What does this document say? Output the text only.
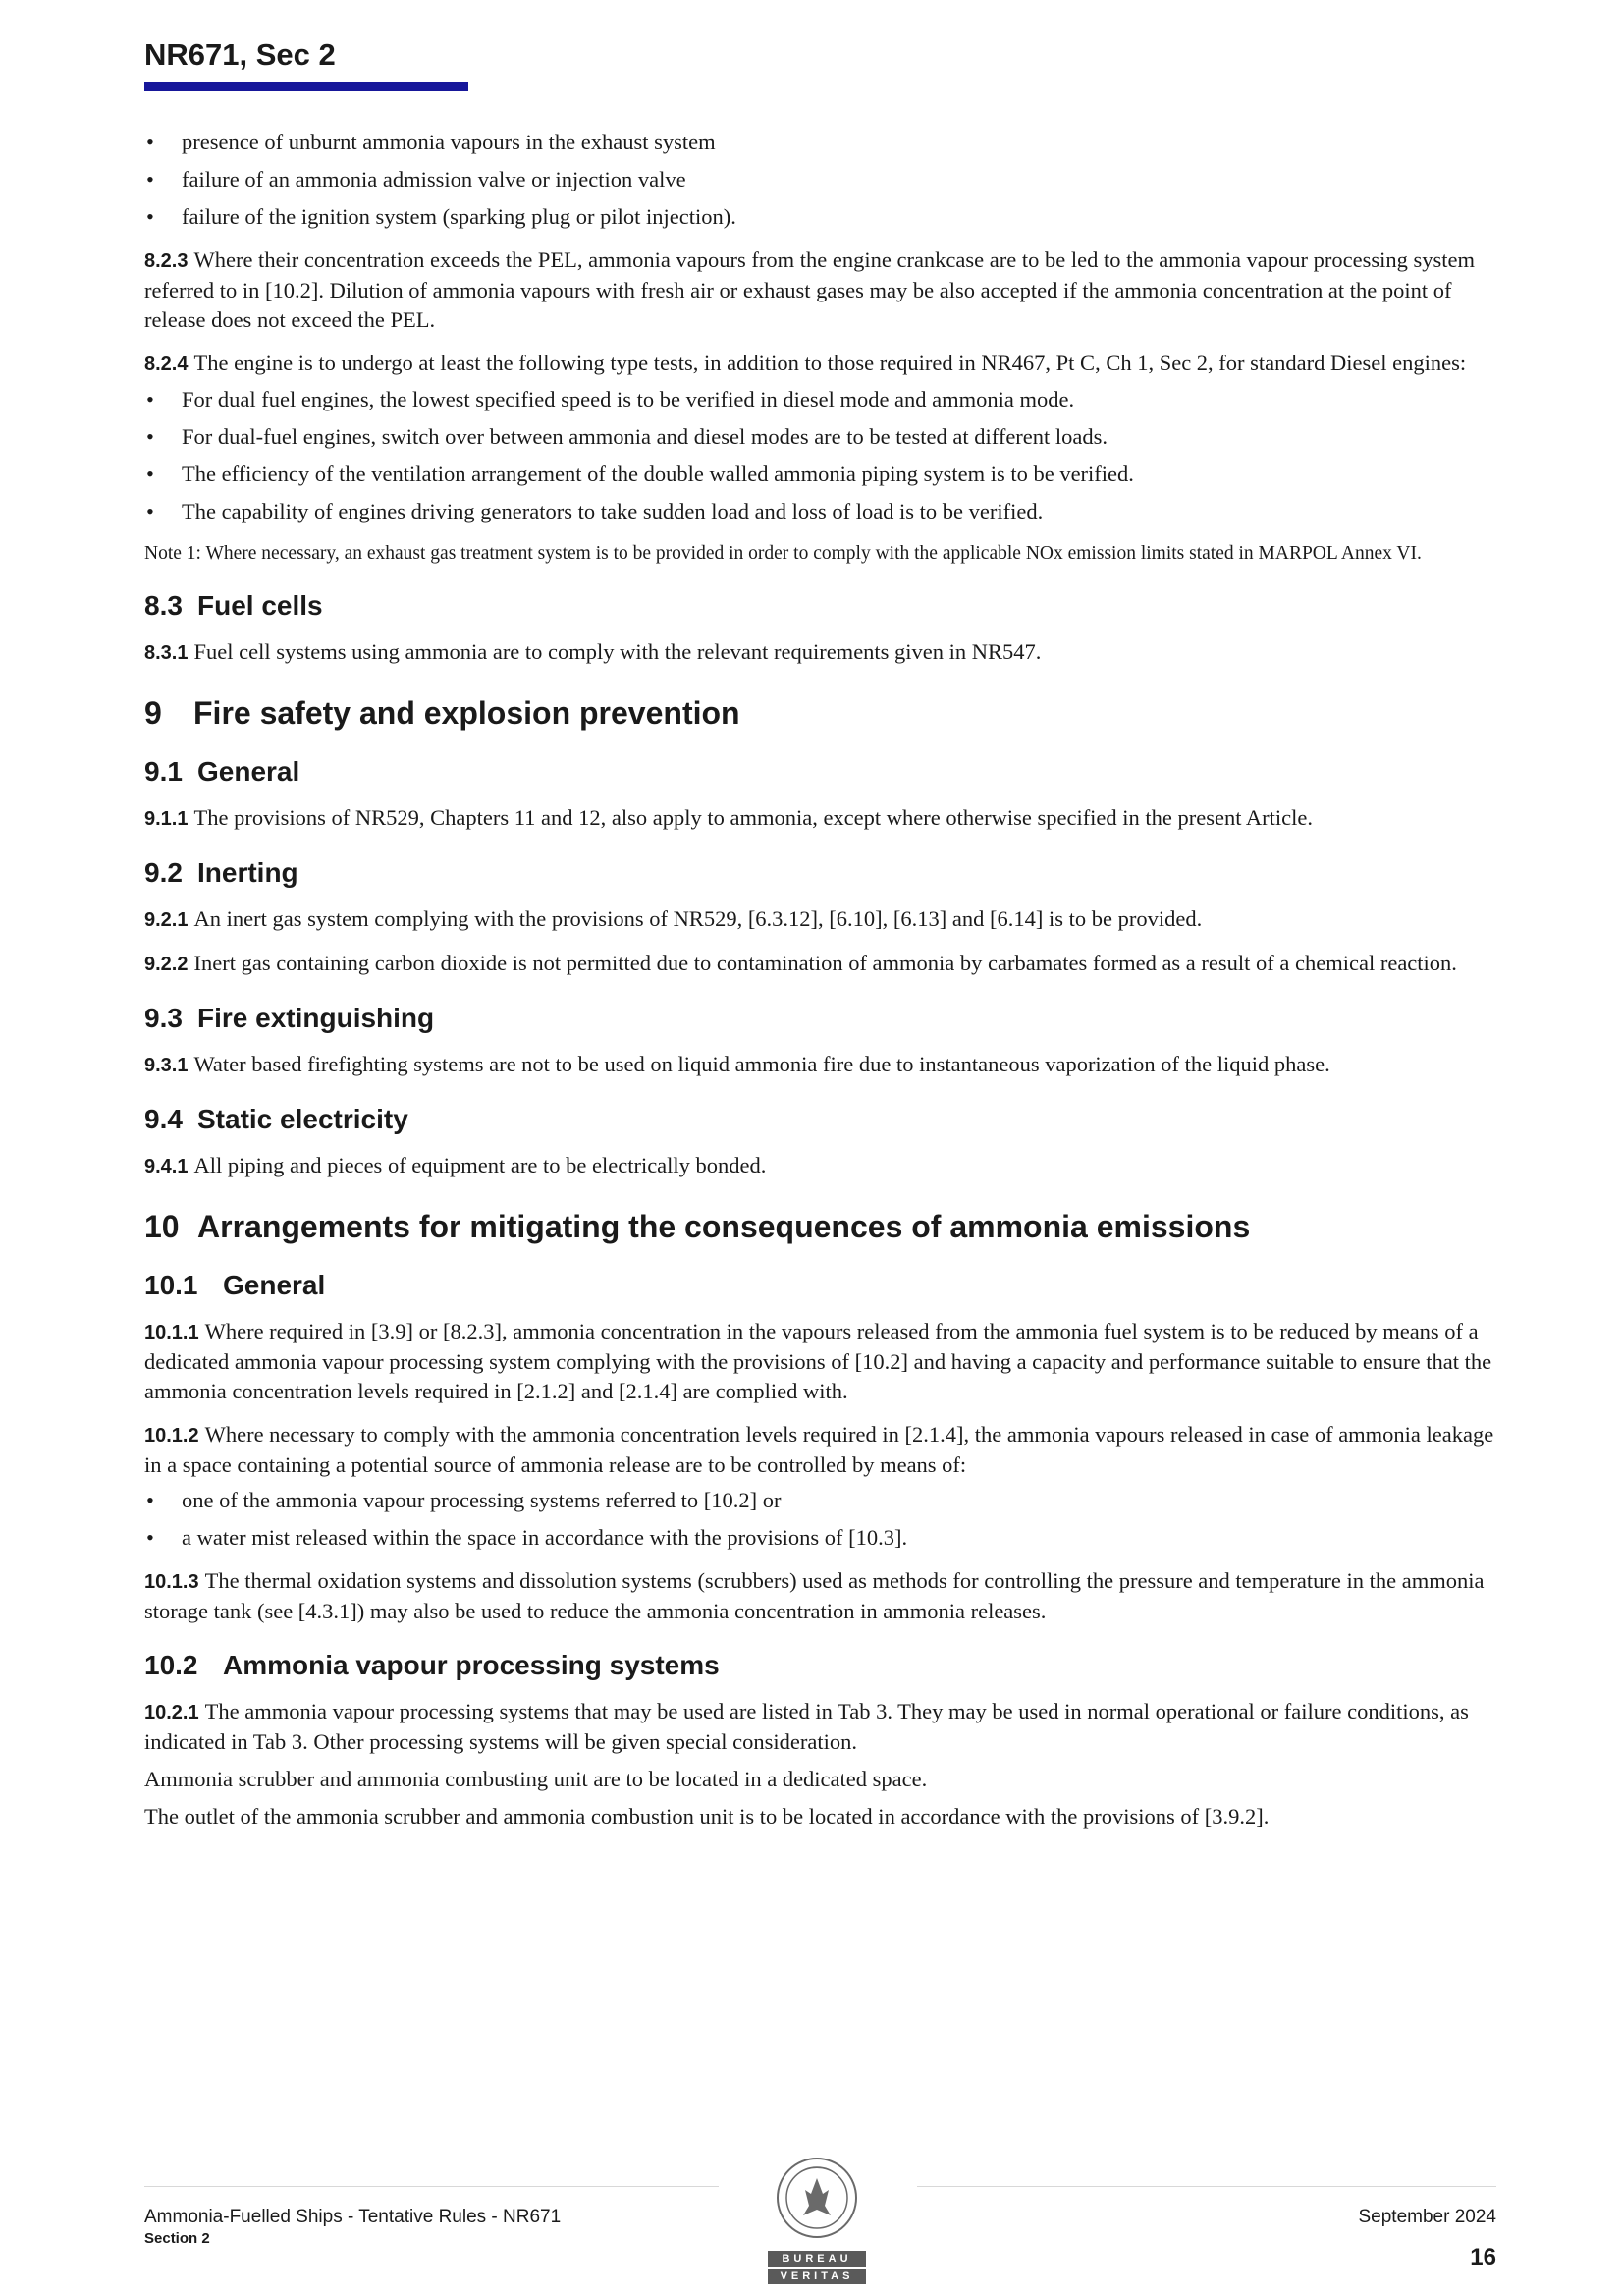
NR671, Sec 2
• presence of unburnt ammonia vapours in the exhaust system
• failure of an ammonia admission valve or injection valve
• failure of the ignition system (sparking plug or pilot injection).

8.2.3 Where their concentration exceeds the PEL, ammonia vapours from the engine crankcase are to be led to the ammonia vapour processing system referred to in [10.2]. Dilution of ammonia vapours with fresh air or exhaust gases may be also accepted if the ammonia concentration at the point of release does not exceed the PEL.

8.2.4 The engine is to undergo at least the following type tests, in addition to those required in NR467, Pt C, Ch 1, Sec 2, for standard Diesel engines:

• For dual fuel engines, the lowest specified speed is to be verified in diesel mode and ammonia mode.
• For dual-fuel engines, switch over between ammonia and diesel modes are to be tested at different loads.
• The efficiency of the ventilation arrangement of the double walled ammonia piping system is to be verified.
• The capability of engines driving generators to take sudden load and loss of load is to be verified.

Note 1: Where necessary, an exhaust gas treatment system is to be provided in order to comply with the applicable NOx emission limits stated in MARPOL Annex VI.

8.3 Fuel cells

8.3.1 Fuel cell systems using ammonia are to comply with the relevant requirements given in NR547.

9 Fire safety and explosion prevention
9.1 General

9.1.1 The provisions of NR529, Chapters 11 and 12, also apply to ammonia, except where otherwise specified in the present Article.

9.2 Inerting

9.2.1 An inert gas system complying with the provisions of NR529, [6.3.12], [6.10], [6.13] and [6.14] is to be provided.

9.2.2 Inert gas containing carbon dioxide is not permitted due to contamination of ammonia by carbamates formed as a result of a chemical reaction.

9.3 Fire extinguishing

9.3.1 Water based firefighting systems are not to be used on liquid ammonia fire due to instantaneous vaporization of the liquid phase.

9.4 Static electricity

9.4.1 All piping and pieces of equipment are to be electrically bonded.

10 Arrangements for mitigating the consequences of ammonia emissions
10.1 General

10.1.1 Where required in [3.9] or [8.2.3], ammonia concentration in the vapours released from the ammonia fuel system is to be reduced by means of a dedicated ammonia vapour processing system complying with the provisions of [10.2] and having a capacity and performance suitable to ensure that the ammonia concentration levels required in [2.1.2] and [2.1.4] are complied with.

10.1.2 Where necessary to comply with the ammonia concentration levels required in [2.1.4], the ammonia vapours released in case of ammonia leakage in a space containing a potential source of ammonia release are to be controlled by means of:

• one of the ammonia vapour processing systems referred to [10.2] or
• a water mist released within the space in accordance with the provisions of [10.3].

10.1.3 The thermal oxidation systems and dissolution systems (scrubbers) used as methods for controlling the pressure and temperature in the ammonia storage tank (see [4.3.1]) may also be used to reduce the ammonia concentration in ammonia releases.

10.2 Ammonia vapour processing systems

10.2.1 The ammonia vapour processing systems that may be used are listed in Tab 3. They may be used in normal operational or failure conditions, as indicated in Tab 3. Other processing systems will be given special consideration.

Ammonia scrubber and ammonia combusting unit are to be located in a dedicated space.

The outlet of the ammonia scrubber and ammonia combustion unit is to be located in accordance with the provisions of [3.9.2].

Ammonia-Fuelled Ships - Tentative Rules - NR671
Section 2
BUREAU
VERITAS
September 2024
16
